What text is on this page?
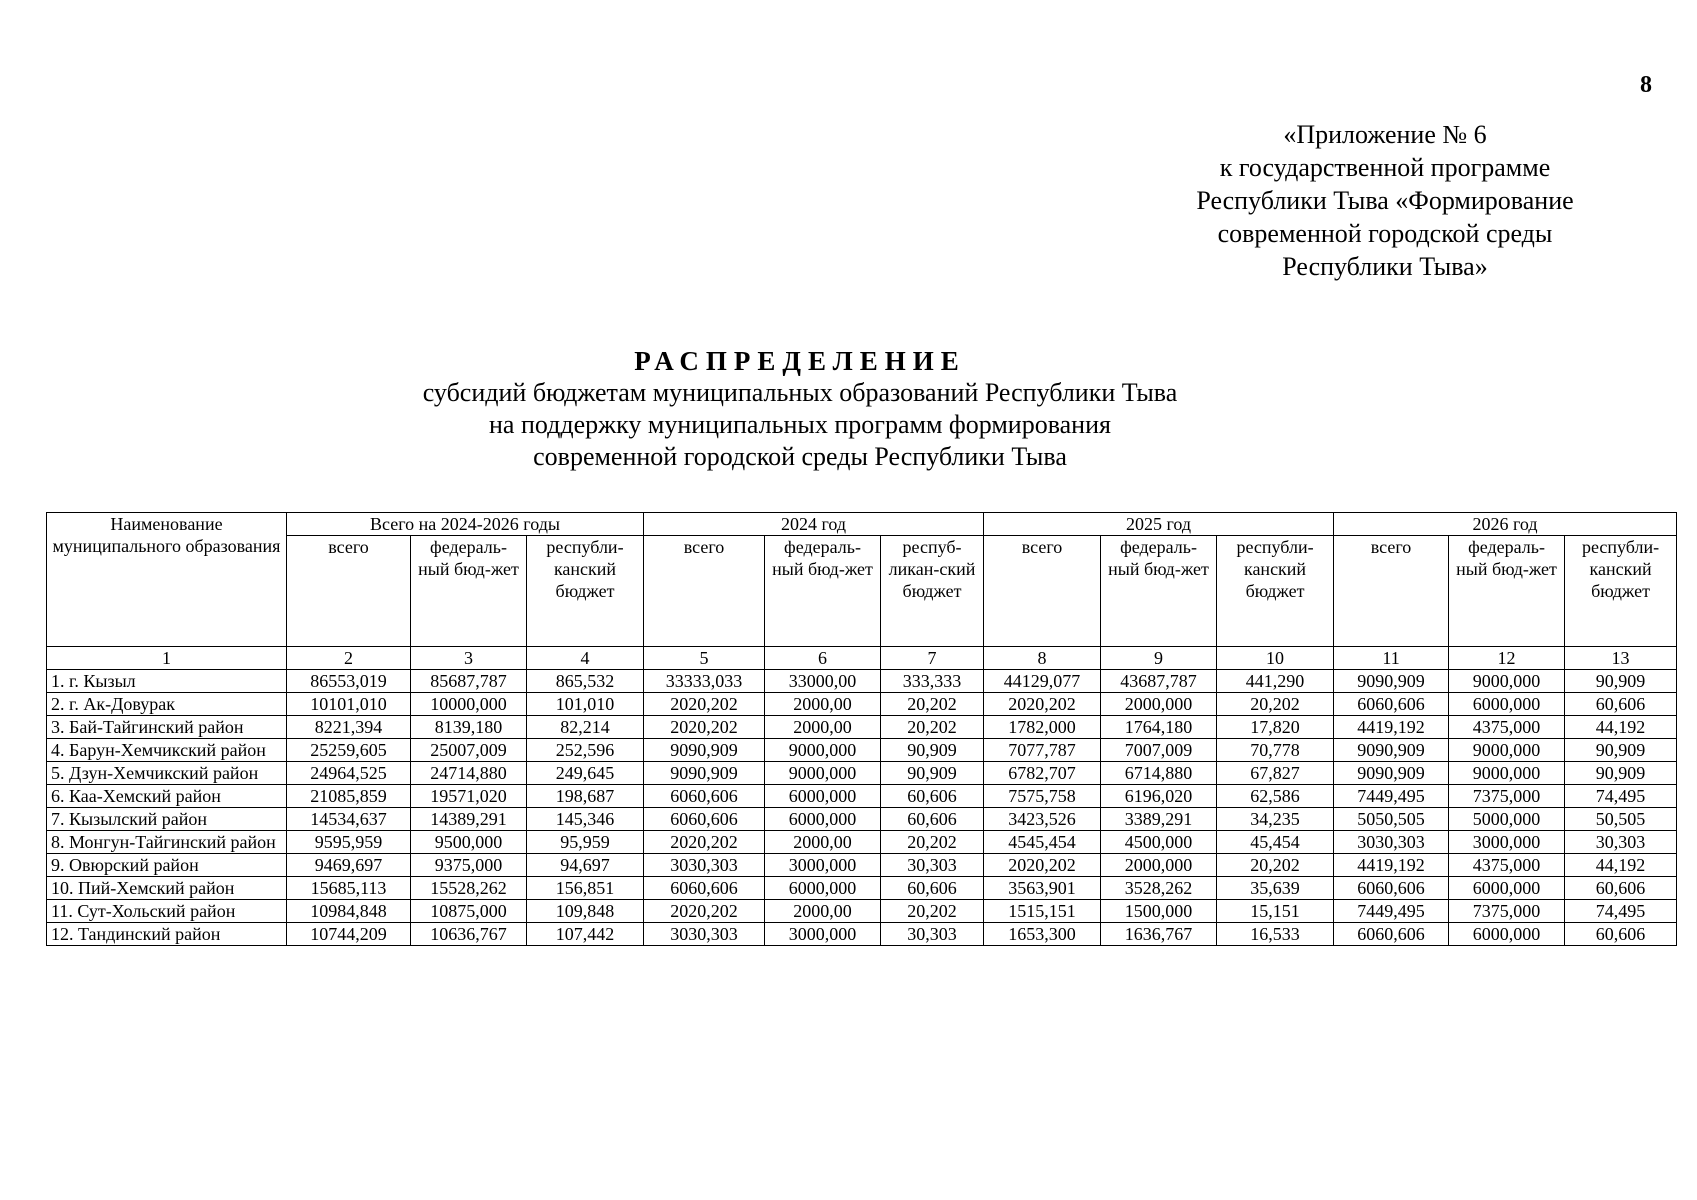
8
«Приложение № 6
к государственной программе
Республики Тыва «Формирование
современной городской среды
Республики Тыва»
РАСПРЕДЕЛЕНИЕ
субсидий бюджетам муниципальных образований Республики Тыва
на поддержку муниципальных программ формирования
современной городской среды Республики Тыва
Наименование муниципального образования	Всего на 2024-2026 годы			2024 год			2025 год			2026 год		
	всего	федераль-ный бюд-жет	республи-канский бюджет	всего	федераль-ный бюд-жет	респуб-ликан-ский бюджет	всего	федераль-ный бюд-жет	республи-канский бюджет	всего	федераль-ный бюд-жет	республи-канский бюджет
1	2	3	4	5	6	7	8	9	10	11	12	13
1. г. Кызыл	86553,019	85687,787	865,532	33333,033	33000,00	333,333	44129,077	43687,787	441,290	9090,909	9000,000	90,909
2. г. Ак-Довурак	10101,010	10000,000	101,010	2020,202	2000,00	20,202	2020,202	2000,000	20,202	6060,606	6000,000	60,606
3. Бай-Тайгинский район	8221,394	8139,180	82,214	2020,202	2000,00	20,202	1782,000	1764,180	17,820	4419,192	4375,000	44,192
4. Барун-Хемчикский район	25259,605	25007,009	252,596	9090,909	9000,000	90,909	7077,787	7007,009	70,778	9090,909	9000,000	90,909
5. Дзун-Хемчикский район	24964,525	24714,880	249,645	9090,909	9000,000	90,909	6782,707	6714,880	67,827	9090,909	9000,000	90,909
6. Каа-Хемский район	21085,859	19571,020	198,687	6060,606	6000,000	60,606	7575,758	6196,020	62,586	7449,495	7375,000	74,495
7. Кызылский район	14534,637	14389,291	145,346	6060,606	6000,000	60,606	3423,526	3389,291	34,235	5050,505	5000,000	50,505
8. Монгун-Тайгинский район	9595,959	9500,000	95,959	2020,202	2000,00	20,202	4545,454	4500,000	45,454	3030,303	3000,000	30,303
9. Овюрский район	9469,697	9375,000	94,697	3030,303	3000,000	30,303	2020,202	2000,000	20,202	4419,192	4375,000	44,192
10. Пий-Хемский район	15685,113	15528,262	156,851	6060,606	6000,000	60,606	3563,901	3528,262	35,639	6060,606	6000,000	60,606
11. Сут-Хольский район	10984,848	10875,000	109,848	2020,202	2000,00	20,202	1515,151	1500,000	15,151	7449,495	7375,000	74,495
12. Тандинский район	10744,209	10636,767	107,442	3030,303	3000,000	30,303	1653,300	1636,767	16,533	6060,606	6000,000	60,606
